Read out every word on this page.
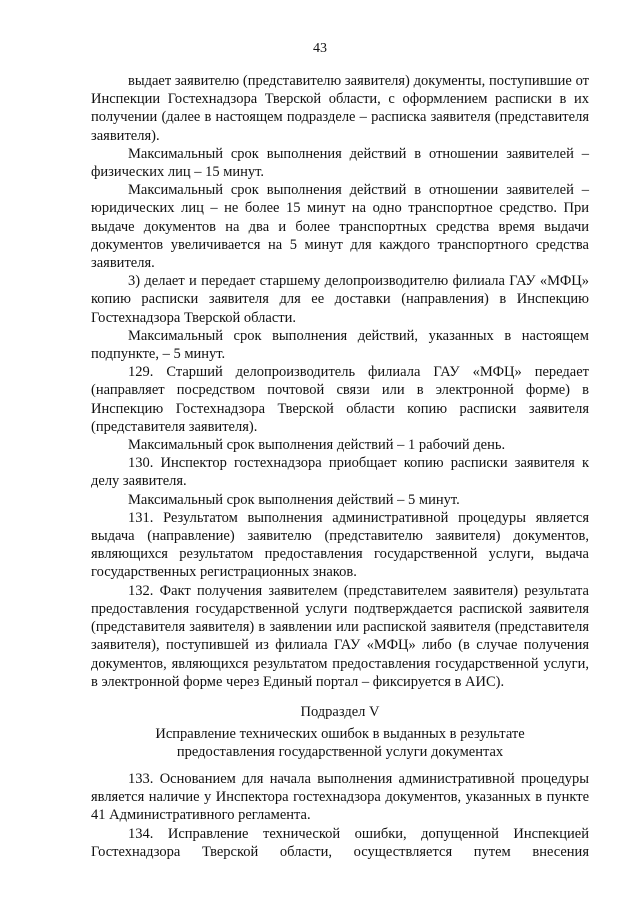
43

выдает заявителю (представителю заявителя) документы, поступившие от Инспекции Гостехнадзора Тверской области, с оформлением расписки в их получении (далее в настоящем подразделе – расписка заявителя (представителя заявителя).

Максимальный срок выполнения действий в отношении заявителей – физических лиц – 15 минут.

Максимальный срок выполнения действий в отношении заявителей – юридических лиц – не более 15 минут на одно транспортное средство. При выдаче документов на два и более транспортных средства время выдачи документов увеличивается на 5 минут для каждого транспортного средства заявителя.

3) делает и передает старшему делопроизводителю филиала ГАУ «МФЦ» копию расписки заявителя для ее доставки (направления) в Инспекцию Гостехнадзора Тверской области.

Максимальный срок выполнения действий, указанных в настоящем подпункте, – 5 минут.

129. Старший делопроизводитель филиала ГАУ «МФЦ» передает (направляет посредством почтовой связи или в электронной форме) в Инспекцию Гостехнадзора Тверской области копию расписки заявителя (представителя заявителя).

Максимальный срок выполнения действий – 1 рабочий день.

130. Инспектор гостехнадзора приобщает копию расписки заявителя к делу заявителя.

Максимальный срок выполнения действий – 5 минут.

131. Результатом выполнения административной процедуры является выдача (направление) заявителю (представителю заявителя) документов, являющихся результатом предоставления государственной услуги, выдача государственных регистрационных знаков.

132. Факт получения заявителем (представителем заявителя) результата предоставления государственной услуги подтверждается распиской заявителя (представителя заявителя) в заявлении или распиской заявителя (представителя заявителя), поступившей из филиала ГАУ «МФЦ» либо (в случае получения документов, являющихся результатом предоставления государственной услуги, в электронной форме через Единый портал – фиксируется в АИС).

Подраздел V

Исправление технических ошибок в выданных в результате

предоставления государственной услуги документах

133. Основанием для начала выполнения административной процедуры является наличие у Инспектора гостехнадзора документов, указанных в пункте 41 Административного регламента.

134. Исправление технической ошибки, допущенной Инспекцией Гостехнадзора Тверской области, осуществляется путем внесения
